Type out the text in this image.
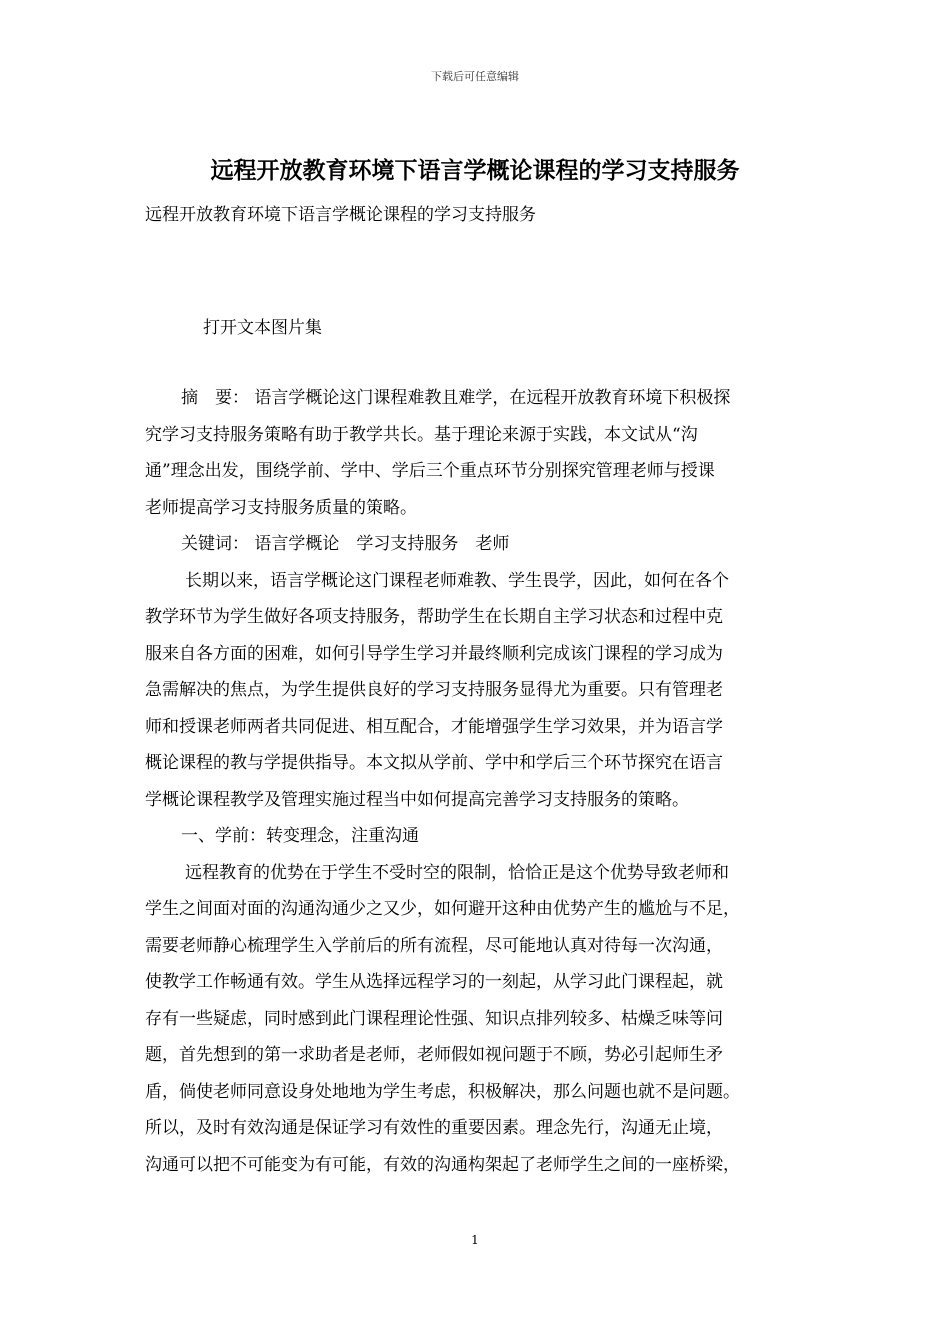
下载后可任意编辑
远程开放教育环境下语言学概论课程的学习支持服务
远程开放教育环境下语言学概论课程的学习支持服务
打开文本图片集
摘　要： 语言学概论这门课程难教且难学，在远程开放教育环境下积极探
究学习支持服务策略有助于教学共长。基于理论来源于实践，本文试从“沟
通”理念出发，围绕学前、学中、学后三个重点环节分别探究管理老师与授课
老师提高学习支持服务质量的策略。
关键词： 语言学概论　学习支持服务　老师
长期以来，语言学概论这门课程老师难教、学生畏学，因此，如何在各个
教学环节为学生做好各项支持服务，帮助学生在长期自主学习状态和过程中克
服来自各方面的困难，如何引导学生学习并最终顺利完成该门课程的学习成为
急需解决的焦点，为学生提供良好的学习支持服务显得尤为重要。只有管理老
师和授课老师两者共同促进、相互配合，才能增强学生学习效果，并为语言学
概论课程的教与学提供指导。本文拟从学前、学中和学后三个环节探究在语言
学概论课程教学及管理实施过程当中如何提高完善学习支持服务的策略。
一、学前：转变理念，注重沟通
远程教育的优势在于学生不受时空的限制，恰恰正是这个优势导致老师和
学生之间面对面的沟通沟通少之又少，如何避开这种由优势产生的尴尬与不足，
需要老师静心梳理学生入学前后的所有流程，尽可能地认真对待每一次沟通，
使教学工作畅通有效。学生从选择远程学习的一刻起，从学习此门课程起，就
存有一些疑虑，同时感到此门课程理论性强、知识点排列较多、枯燥乏味等问
题，首先想到的第一求助者是老师，老师假如视问题于不顾，势必引起师生矛
盾，倘使老师同意设身处地地为学生考虑，积极解决，那么问题也就不是问题。
所以，及时有效沟通是保证学习有效性的重要因素。理念先行，沟通无止境，
沟通可以把不可能变为有可能，有效的沟通构架起了老师学生之间的一座桥梁，
1
